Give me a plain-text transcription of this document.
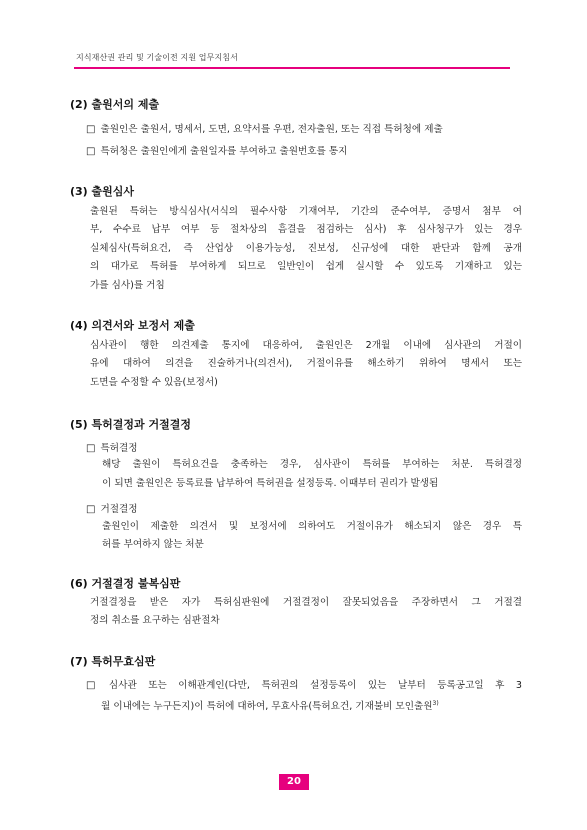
지식재산권 관리 및 기술이전 지원 업무지침서
(2) 출원서의 제출
□ 출원인은 출원서, 명세서, 도면, 요약서를 우편, 전자출원, 또는 직접 특허청에 제출
□ 특허청은 출원인에게 출원일자를 부여하고 출원번호를 통지
(3) 출원심사
출원된 특허는 방식심사(서식의 필수사항 기재여부, 기간의 준수여부, 증명서 첨부 여
부, 수수료 납부 여부 등 절차상의 흠결을 점검하는 심사) 후 심사청구가 있는 경우
실체심사(특허요건, 즉 산업상 이용가능성, 진보성, 신규성에 대한 판단과 함께 공개
의 대가로 특허를 부여하게 되므로 일반인이 쉽게 실시할 수 있도록 기재하고 있는
가를 심사)를 거침
(4) 의견서와 보정서 제출
심사관이 행한 의견제출 통지에 대응하여, 출원인은 2개월 이내에 심사관의 거절이
유에 대하여 의견을 진술하거나(의견서), 거절이유를 해소하기 위하여 명세서 또는
도면을 수정할 수 있음(보정서)
(5) 특허결정과 거절결정
□ 특허결정
해당 출원이 특허요건을 충족하는 경우, 심사관이 특허를 부여하는 처분. 특허결정
이 되면 출원인은 등록료를 납부하여 특허권을 설정등록. 이때부터 권리가 발생됨
□ 거절결정
출원인이 제출한 의견서 및 보정서에 의하여도 거절이유가 해소되지 않은 경우 특
허를 부여하지 않는 처분
(6) 거절결정 불복심판
거절결정을 받은 자가 특허심판원에 거절결정이 잘못되었음을 주장하면서 그 거절결
정의 취소를 요구하는 심판절차
(7) 특허무효심판
□ 심사관 또는 이해관계인(다만, 특허권의 설정등록이 있는 날부터 등록공고일 후 3
월 이내에는 누구든지)이 특허에 대하여, 무효사유(특허요건, 기재불비 모인출원$^{3)}$
20
